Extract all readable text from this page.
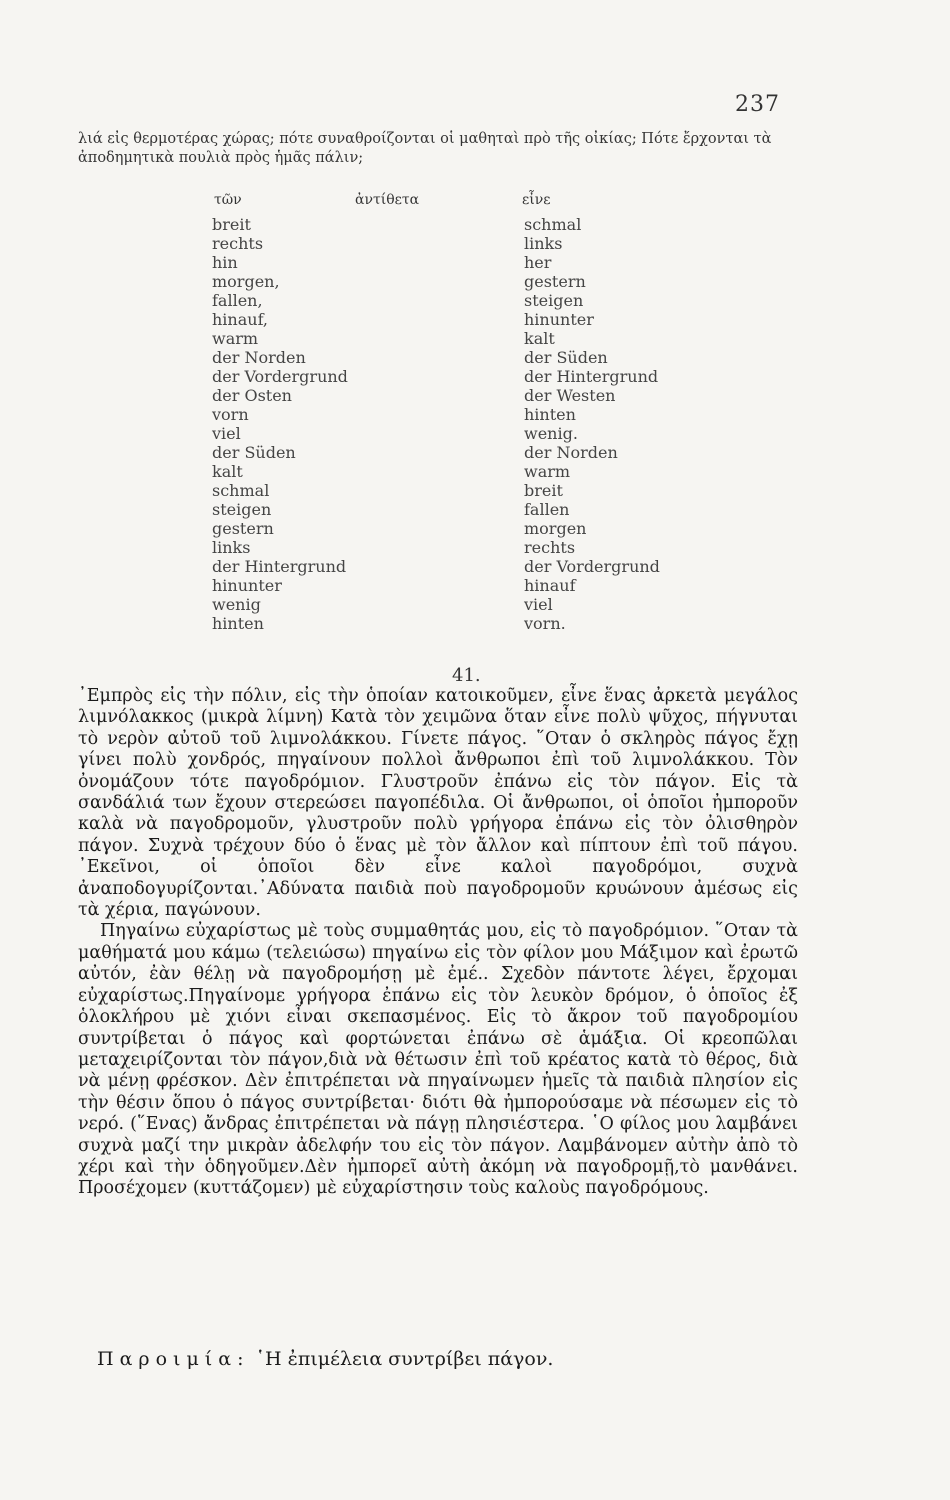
237
λιά εἰς θερμοτέρας χώρας; πότε συναθροίζονται οἱ μαθηταὶ πρὸ τῆς οἰκίας; Πότε ἔρχονται τὰ ἀποδημητικὰ πουλιὰ πρὸς ἡμᾶς πάλιν;
τῶν	ἀντίθετα	εἶνε
breit
rechts
hin
morgen,
fallen,
hinauf,
warm
der Norden
der Vordergrund
der Osten
vorn
viel
der Süden
kalt
schmal
steigen
gestern
links
der Hintergrund
hinunter
wenig
hinten
schmal
links
her
gestern
steigen
hinunter
kalt
der Süden
der Hintergrund
der Westen
hinten
wenig.
der Norden
warm
breit
fallen
morgen
rechts
der Vordergrund
hinauf
viel
vorn.
41.

᾿Εμπρὸς εἰς τὴν πόλιν, εἰς τὴν ὁποίαν κατοικοῦμεν, εἶνε ἕνας ἀρκετὰ μεγάλος λιμνόλακκος (μικρὰ λίμνη) Κατὰ τὸν χειμῶνα ὅταν εἶνε πολὺ ψῦχος, πήγνυται τὸ νερὸν αὐτοῦ τοῦ λιμνολάκκου. Γίνετε πάγος. ῞Οταν ὁ σκληρὸς πάγος ἔχῃ γίνει πολὺ χονδρός, πηγαίνουν πολλοὶ ἄνθρωποι ἐπὶ τοῦ λιμνολάκκου. Τὸν ὀνομάζουν τότε παγοδρόμιον. Γλυστροῦν ἐπάνω εἰς τὸν πάγον. Εἰς τὰ σανδάλιά των ἔχουν στερεώσει παγοπέδιλα. Οἱ ἄνθρωποι, οἱ ὁποῖοι ἠμποροῦν καλὰ νὰ παγοδρομοῦν, γλυστροῦν πολὺ γρήγορα ἐπάνω εἰς τὸν ὀλισθηρὸν πάγον. Συχνὰ τρέχουν δύο ὁ ἕνας μὲ τὸν ἄλλον καὶ πίπτουν ἐπὶ τοῦ πάγου. ᾿Εκεῖνοι, οἱ ὁποῖοι δὲν εἶνε καλοὶ παγοδρόμοι, συχνὰ ἀναποδογυρίζονται.᾿Αδύνατα παιδιὰ ποὺ παγοδρομοῦν κρυώνουν ἀμέσως εἰς τὰ χέρια, παγώνουν.

Πηγαίνω εὐχαρίστως μὲ τοὺς συμμαθητάς μου, εἰς τὸ παγοδρόμιον. ῞Οταν τὰ μαθήματά μου κάμω (τελειώσω) πηγαίνω εἰς τὸν φίλον μου Μάξιμον καὶ ἐρωτῶ αὐτόν, ἐὰν θέλῃ νὰ παγοδρομήσῃ μὲ ἐμέ.. Σχεδὸν πάντοτε λέγει, ἔρχομαι εὐχαρίστως.Πηγαίνομε γρήγορα ἐπάνω εἰς τὸν λευκὸν δρόμον, ὁ ὁποῖος ἐξ ὁλοκλήρου μὲ χιόνι εἶναι σκεπασμένος. Εἰς τὸ ἄκρον τοῦ παγοδρομίου συντρίβεται ὁ πάγος καὶ φορτώνεται ἐπάνω σὲ ἁμάξια. Οἱ κρεοπῶλαι μεταχειρίζονται τὸν πάγον,διὰ νὰ θέτωσιν ἐπὶ τοῦ κρέατος κατὰ τὸ θέρος, διὰ νὰ μένῃ φρέσκον. Δὲν ἐπιτρέπεται νὰ πηγαίνωμεν ἡμεῖς τὰ παιδιὰ πλησίον εἰς τὴν θέσιν ὅπου ὁ πάγος συντρίβεται· διότι θὰ ἠμπορούσαμε νὰ πέσωμεν εἰς τὸ νερό. (῞Ενας) ἄνδρας ἐπιτρέπεται νὰ πάγῃ πλησιέστερα. ῾Ο φίλος μου λαμβάνει συχνὰ μαζί την μικρὰν ἀδελφήν του εἰς τὸν πάγον. Λαμβάνομεν αὐτὴν ἀπὸ τὸ χέρι καὶ τὴν ὁδηγοῦμεν.Δὲν ἠμπορεῖ αὐτὴ ἀκόμη νὰ παγοδρομῇ,τὸ μανθάνει. Προσέχομεν (κυττάζομεν) μὲ εὐχαρίστησιν τοὺς καλοὺς παγοδρόμους.

Παροιμία: ῾Η ἐπιμέλεια συντρίβει πάγον.
